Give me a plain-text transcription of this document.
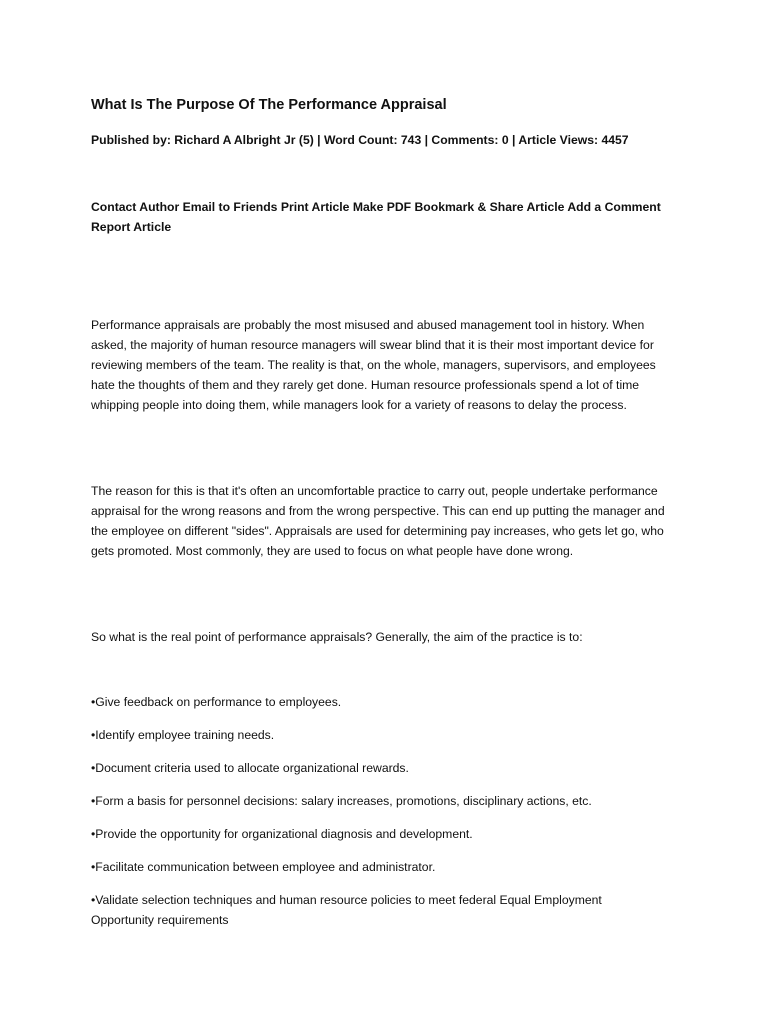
What Is The Purpose Of The Performance Appraisal

Published by: Richard A Albright Jr (5) | Word Count: 743 | Comments: 0 | Article Views: 4457

Contact Author Email to Friends Print Article Make PDF Bookmark & Share Article Add a Comment Report Article

Performance appraisals are probably the most misused and abused management tool in history. When asked, the majority of human resource managers will swear blind that it is their most important device for reviewing members of the team. The reality is that, on the whole, managers, supervisors, and employees hate the thoughts of them and they rarely get done. Human resource professionals spend a lot of time whipping people into doing them, while managers look for a variety of reasons to delay the process.

The reason for this is that it's often an uncomfortable practice to carry out, people undertake performance appraisal for the wrong reasons and from the wrong perspective. This can end up putting the manager and the employee on different "sides". Appraisals are used for determining pay increases, who gets let go, who gets promoted. Most commonly, they are used to focus on what people have done wrong.

So what is the real point of performance appraisals? Generally, the aim of the practice is to:

•Give feedback on performance to employees.
•Identify employee training needs.
•Document criteria used to allocate organizational rewards.
•Form a basis for personnel decisions: salary increases, promotions, disciplinary actions, etc.
•Provide the opportunity for organizational diagnosis and development.
•Facilitate communication between employee and administrator.
•Validate selection techniques and human resource policies to meet federal Equal Employment Opportunity requirements
